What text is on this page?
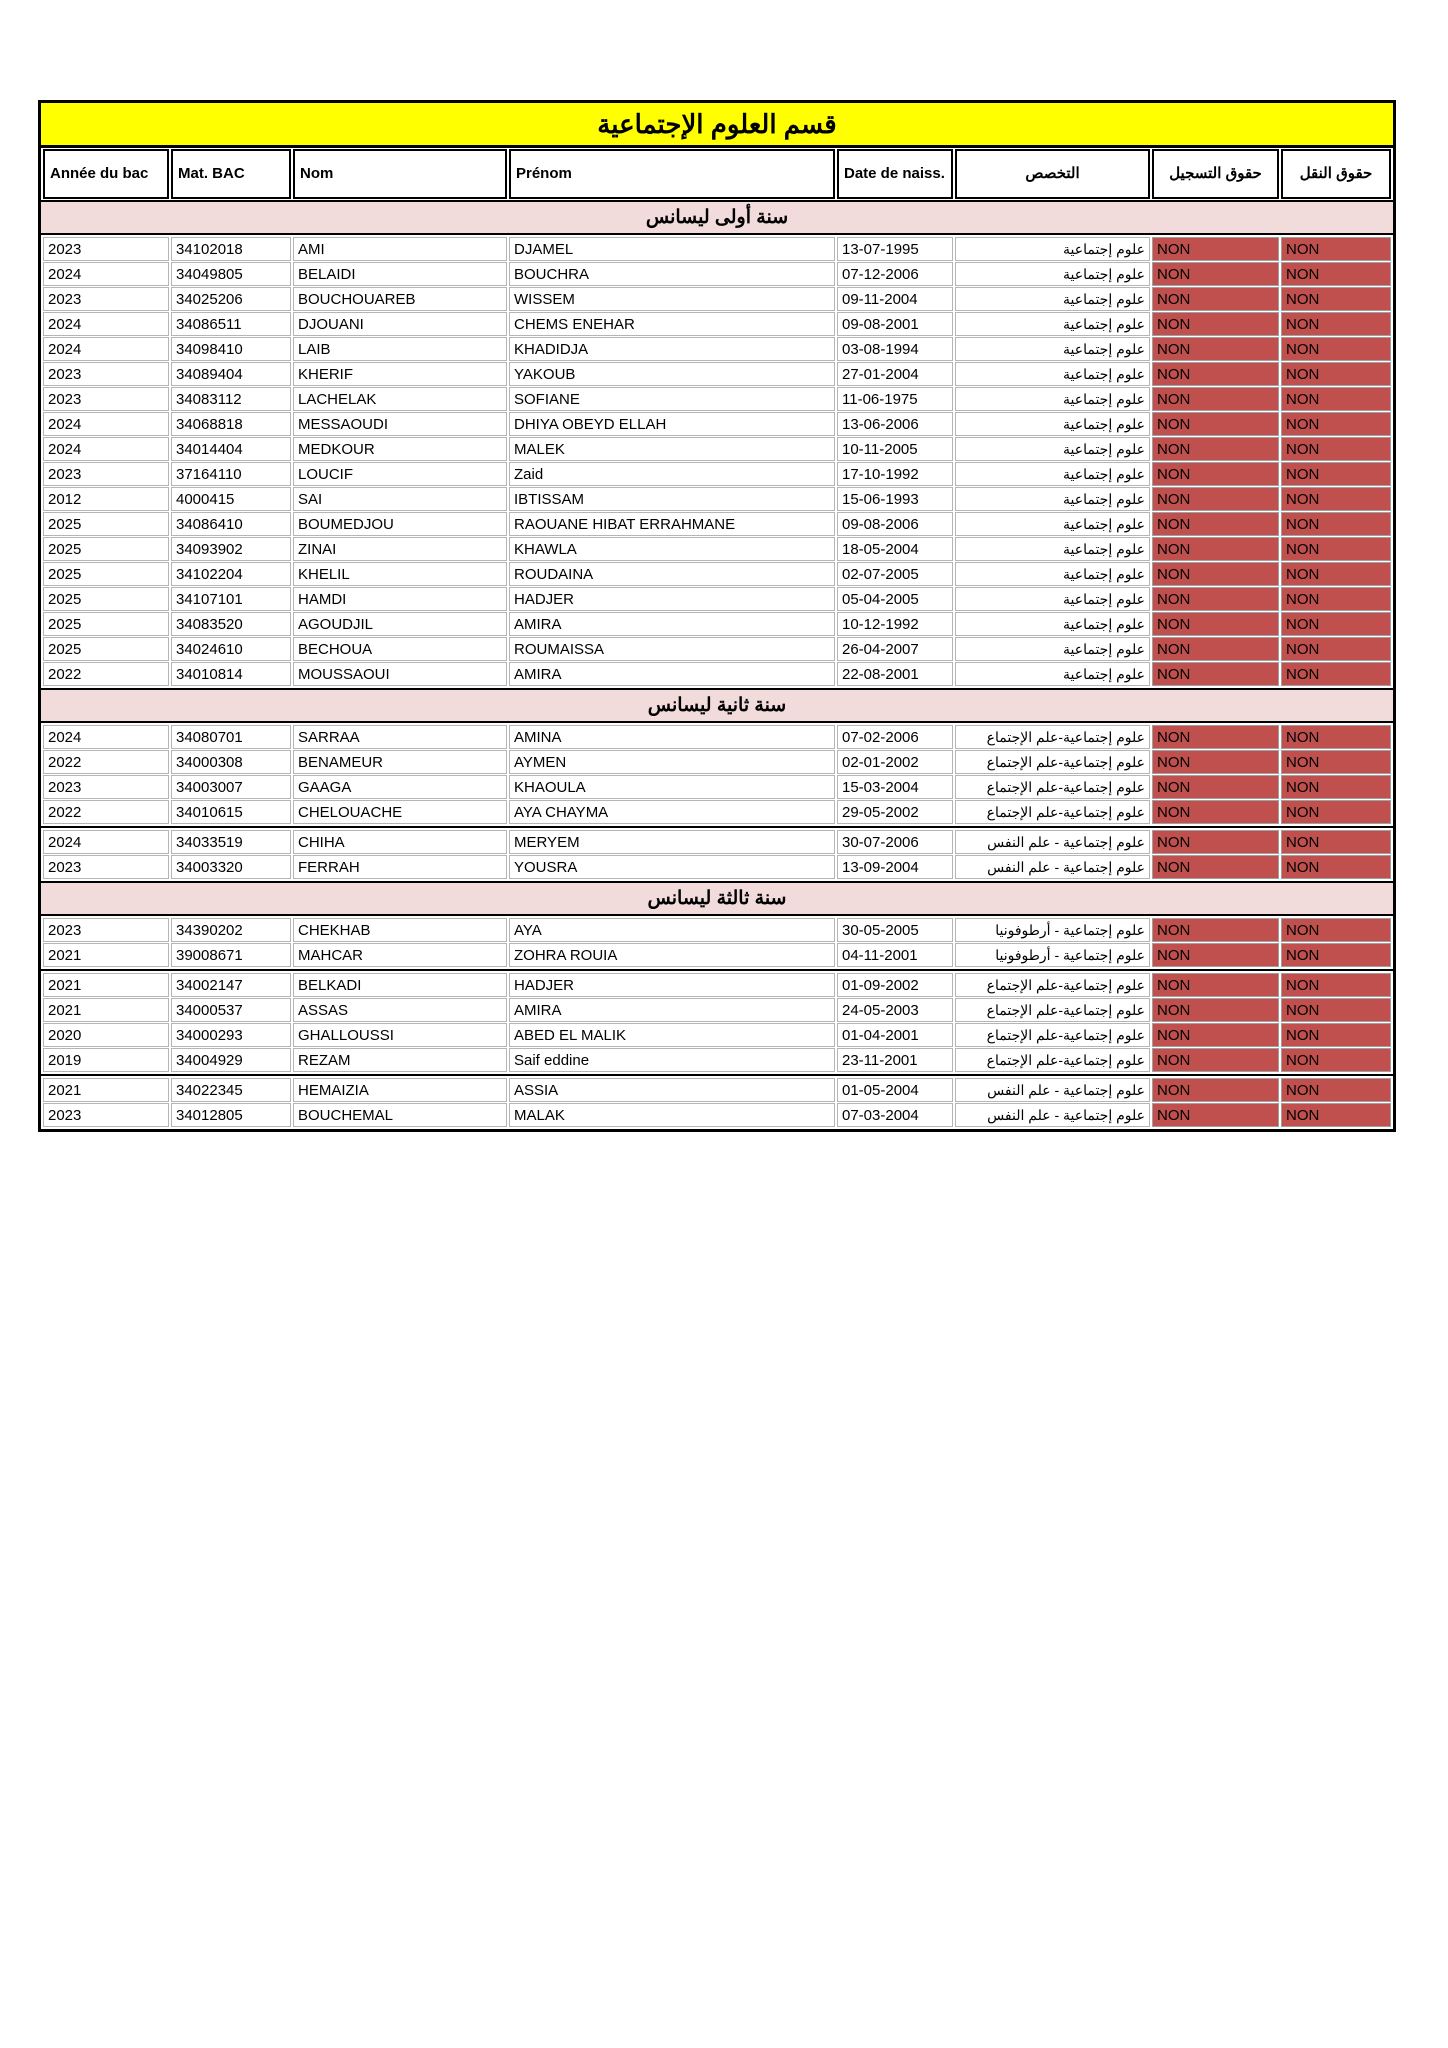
قسم العلوم الإجتماعية
Année du bac	Mat. BAC	Nom	Prénom	Date de naiss.	التخصص	حقوق التسجيل	حقوق النقل
سنة أولى ليسانس
2023	34102018	AMI	DJAMEL	13-07-1995	علوم إجتماعية NON	NON
2024	34049805	BELAIDI	BOUCHRA	07-12-2006	علوم إجتماعية NON	NON
2023	34025206	BOUCHOUAREB	WISSEM	09-11-2004	علوم إجتماعية NON	NON
2024	34086511	DJOUANI	CHEMS ENEHAR	09-08-2001	علوم إجتماعية NON	NON
2024	34098410	LAIB	KHADIDJA	03-08-1994	علوم إجتماعية NON	NON
2023	34089404	KHERIF	YAKOUB	27-01-2004	علوم إجتماعية NON	NON
2023	34083112	LACHELAK	SOFIANE	11-06-1975	علوم إجتماعية NON	NON
2024	34068818	MESSAOUDI	DHIYA OBEYD ELLAH	13-06-2006	علوم إجتماعية NON	NON
2024	34014404	MEDKOUR	MALEK	10-11-2005	علوم إجتماعية NON	NON
2023	37164110	LOUCIF	Zaid	17-10-1992	علوم إجتماعية NON	NON
2012	4000415	SAI	IBTISSAM	15-06-1993	علوم إجتماعية NON	NON
2025	34086410	BOUMEDJOU	RAOUANE HIBAT ERRAHMANE	09-08-2006	علوم إجتماعية NON	NON
2025	34093902	ZINAI	KHAWLA	18-05-2004	علوم إجتماعية NON	NON
2025	34102204	KHELIL	ROUDAINA	02-07-2005	علوم إجتماعية NON	NON
2025	34107101	HAMDI	HADJER	05-04-2005	علوم إجتماعية NON	NON
2025	34083520	AGOUDJIL	AMIRA	10-12-1992	علوم إجتماعية NON	NON
2025	34024610	BECHOUA	ROUMAISSA	26-04-2007	علوم إجتماعية NON	NON
2022	34010814	MOUSSAOUI	AMIRA	22-08-2001	علوم إجتماعية NON	NON
سنة ثانية ليسانس
2024	34080701	SARRAA	AMINA	07-02-2006	علوم إجتماعية-علم الإجتماع NON	NON
2022	34000308	BENAMEUR	AYMEN	02-01-2002	علوم إجتماعية-علم الإجتماع NON	NON
2023	34003007	GAAGA	KHAOULA	15-03-2004	علوم إجتماعية-علم الإجتماع NON	NON
2022	34010615	CHELOUACHE	AYA CHAYMA	29-05-2002	علوم إجتماعية-علم الإجتماع NON	NON
2024	34033519	CHIHA	MERYEM	30-07-2006	علوم إجتماعية - علم النفس NON	NON
2023	34003320	FERRAH	YOUSRA	13-09-2004	علوم إجتماعية - علم النفس NON	NON
سنة ثالثة ليسانس
2023	34390202	CHEKHAB	AYA	30-05-2005	علوم إجتماعية - أرطوفونيا NON	NON
2021	39008671	MAHCAR	ZOHRA ROUIA	04-11-2001	علوم إجتماعية - أرطوفونيا NON	NON
2021	34002147	BELKADI	HADJER	01-09-2002	علوم إجتماعية-علم الإجتماع NON	NON
2021	34000537	ASSAS	AMIRA	24-05-2003	علوم إجتماعية-علم الإجتماع NON	NON
2020	34000293	GHALLOUSSI	ABED EL MALIK	01-04-2001	علوم إجتماعية-علم الإجتماع NON	NON
2019	34004929	REZAM	Saif eddine	23-11-2001	علوم إجتماعية-علم الإجتماع NON	NON
2021	34022345	HEMAIZIA	ASSIA	01-05-2004	علوم إجتماعية - علم النفس NON	NON
2023	34012805	BOUCHEMAL	MALAK	07-03-2004	علوم إجتماعية - علم النفس NON	NON
